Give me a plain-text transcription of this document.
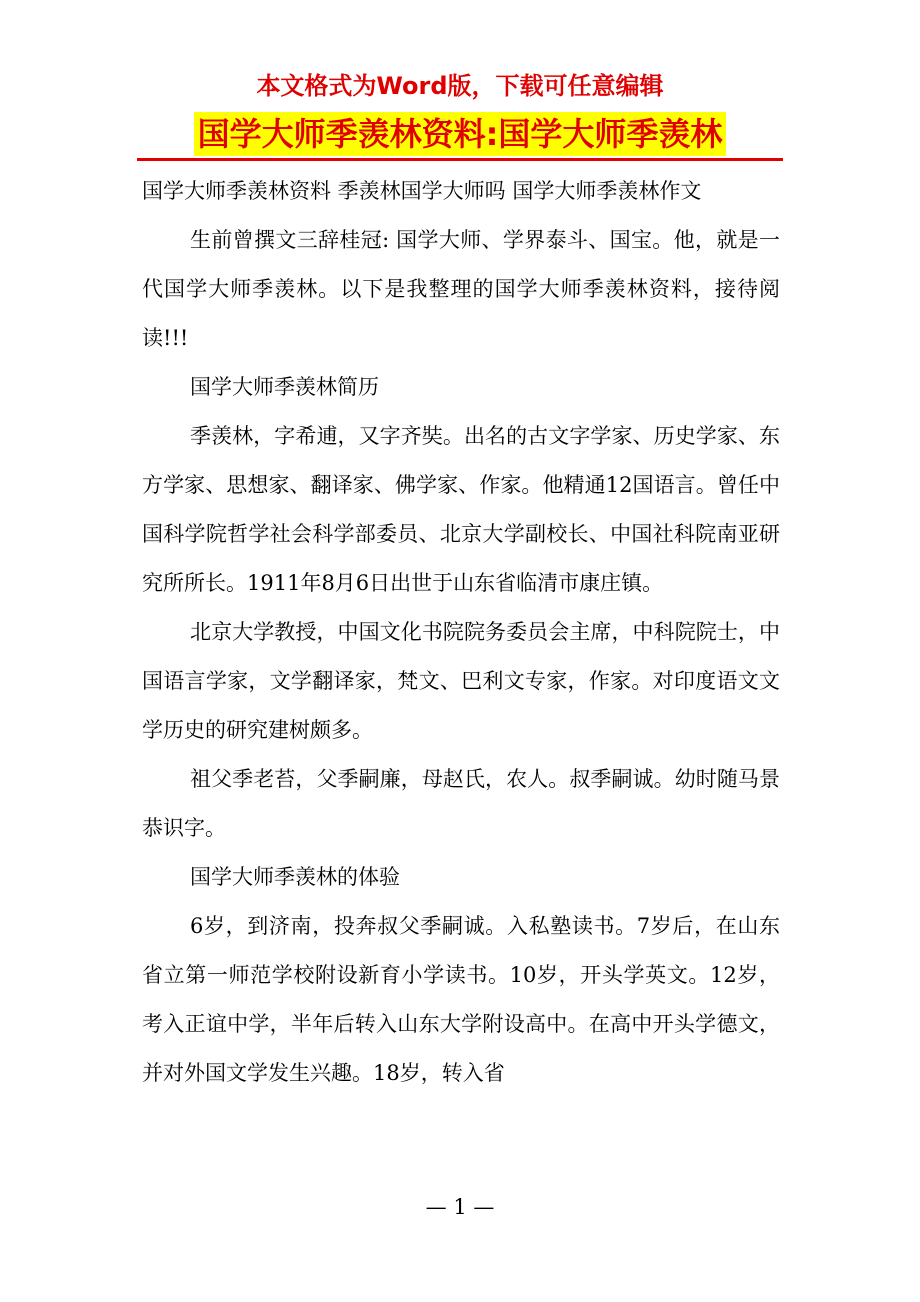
本文格式为Word版，下载可任意编辑
国学大师季羡林资料:国学大师季羡林

国学大师季羡林资料 季羡林国学大师吗 国学大师季羡林作文

生前曾撰文三辞桂冠: 国学大师、学界泰斗、国宝。他，就是一代国学大师季羡林。以下是我整理的国学大师季羡林资料，接待阅读!!!

国学大师季羡林简历

季羡林，字希逋，又字齐奘。出名的古文字学家、历史学家、东方学家、思想家、翻译家、佛学家、作家。他精通12国语言。曾任中国科学院哲学社会科学部委员、北京大学副校长、中国社科院南亚研究所所长。1911年8月6日出世于山东省临清市康庄镇。

北京大学教授，中国文化书院院务委员会主席，中科院院士，中国语言学家，文学翻译家，梵文、巴利文专家，作家。对印度语文文学历史的研究建树颇多。

祖父季老苔，父季嗣廉，母赵氏，农人。叔季嗣诚。幼时随马景恭识字。

国学大师季羡林的体验

6岁，到济南，投奔叔父季嗣诚。入私塾读书。7岁后，在山东省立第一师范学校附设新育小学读书。10岁，开头学英文。12岁，考入正谊中学，半年后转入山东大学附设高中。在高中开头学德文，并对外国文学发生兴趣。18岁，转入省

— 1 —
